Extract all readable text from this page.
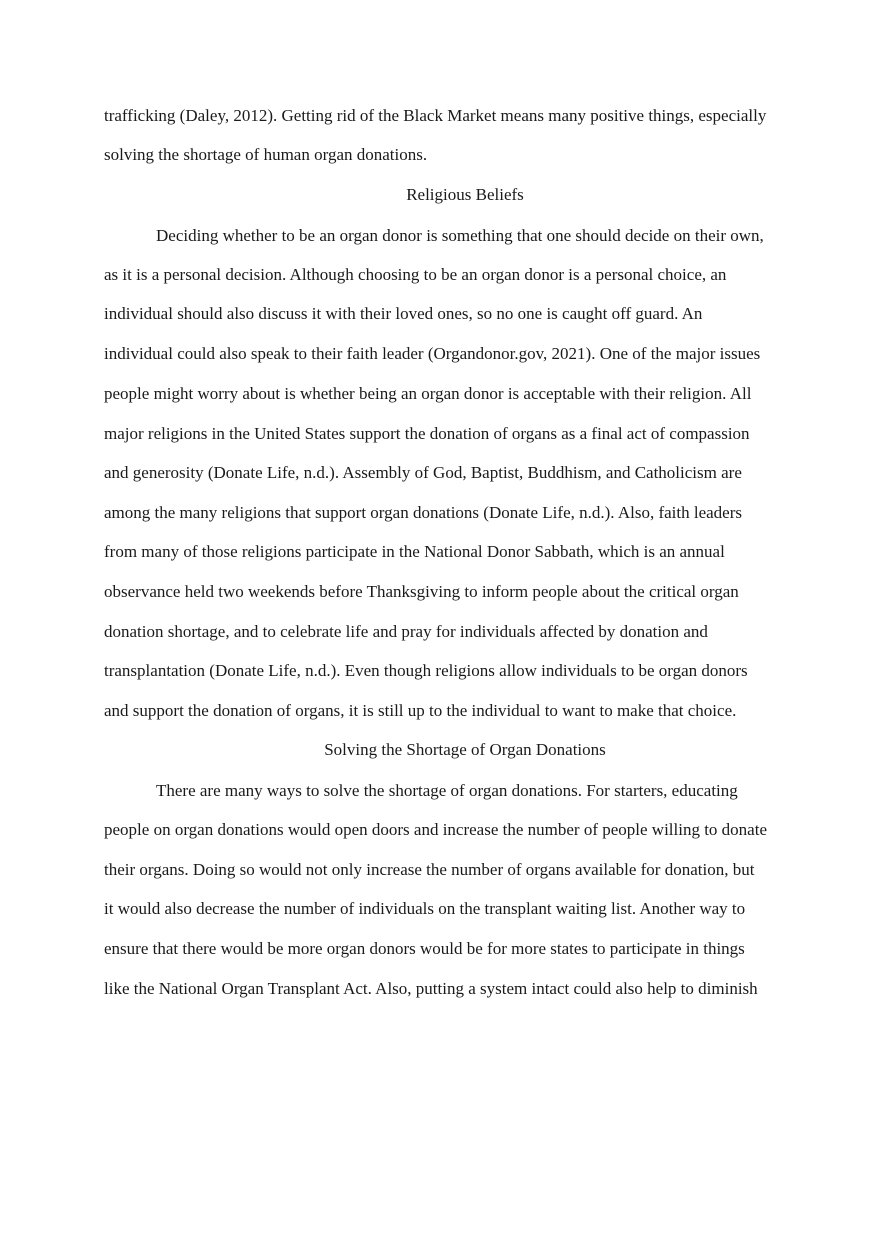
trafficking (Daley, 2012). Getting rid of the Black Market means many positive things, especially

solving the shortage of human organ donations.

Religious Beliefs

Deciding whether to be an organ donor is something that one should decide on their own,

as it is a personal decision. Although choosing to be an organ donor is a personal choice, an

individual should also discuss it with their loved ones, so no one is caught off guard. An

individual could also speak to their faith leader (Organdonor.gov, 2021). One of the major issues

people might worry about is whether being an organ donor is acceptable with their religion. All

major religions in the United States support the donation of organs as a final act of compassion

and generosity (Donate Life, n.d.). Assembly of God, Baptist, Buddhism, and Catholicism are

among the many religions that support organ donations (Donate Life, n.d.). Also, faith leaders

from many of those religions participate in the National Donor Sabbath, which is an annual

observance held two weekends before Thanksgiving to inform people about the critical organ

donation shortage, and to celebrate life and pray for individuals affected by donation and

transplantation (Donate Life, n.d.). Even though religions allow individuals to be organ donors

and support the donation of organs, it is still up to the individual to want to make that choice.

Solving the Shortage of Organ Donations

There are many ways to solve the shortage of organ donations. For starters, educating

people on organ donations would open doors and increase the number of people willing to donate

their organs. Doing so would not only increase the number of organs available for donation, but

it would also decrease the number of individuals on the transplant waiting list. Another way to

ensure that there would be more organ donors would be for more states to participate in things

like the National Organ Transplant Act. Also, putting a system intact could also help to diminish
